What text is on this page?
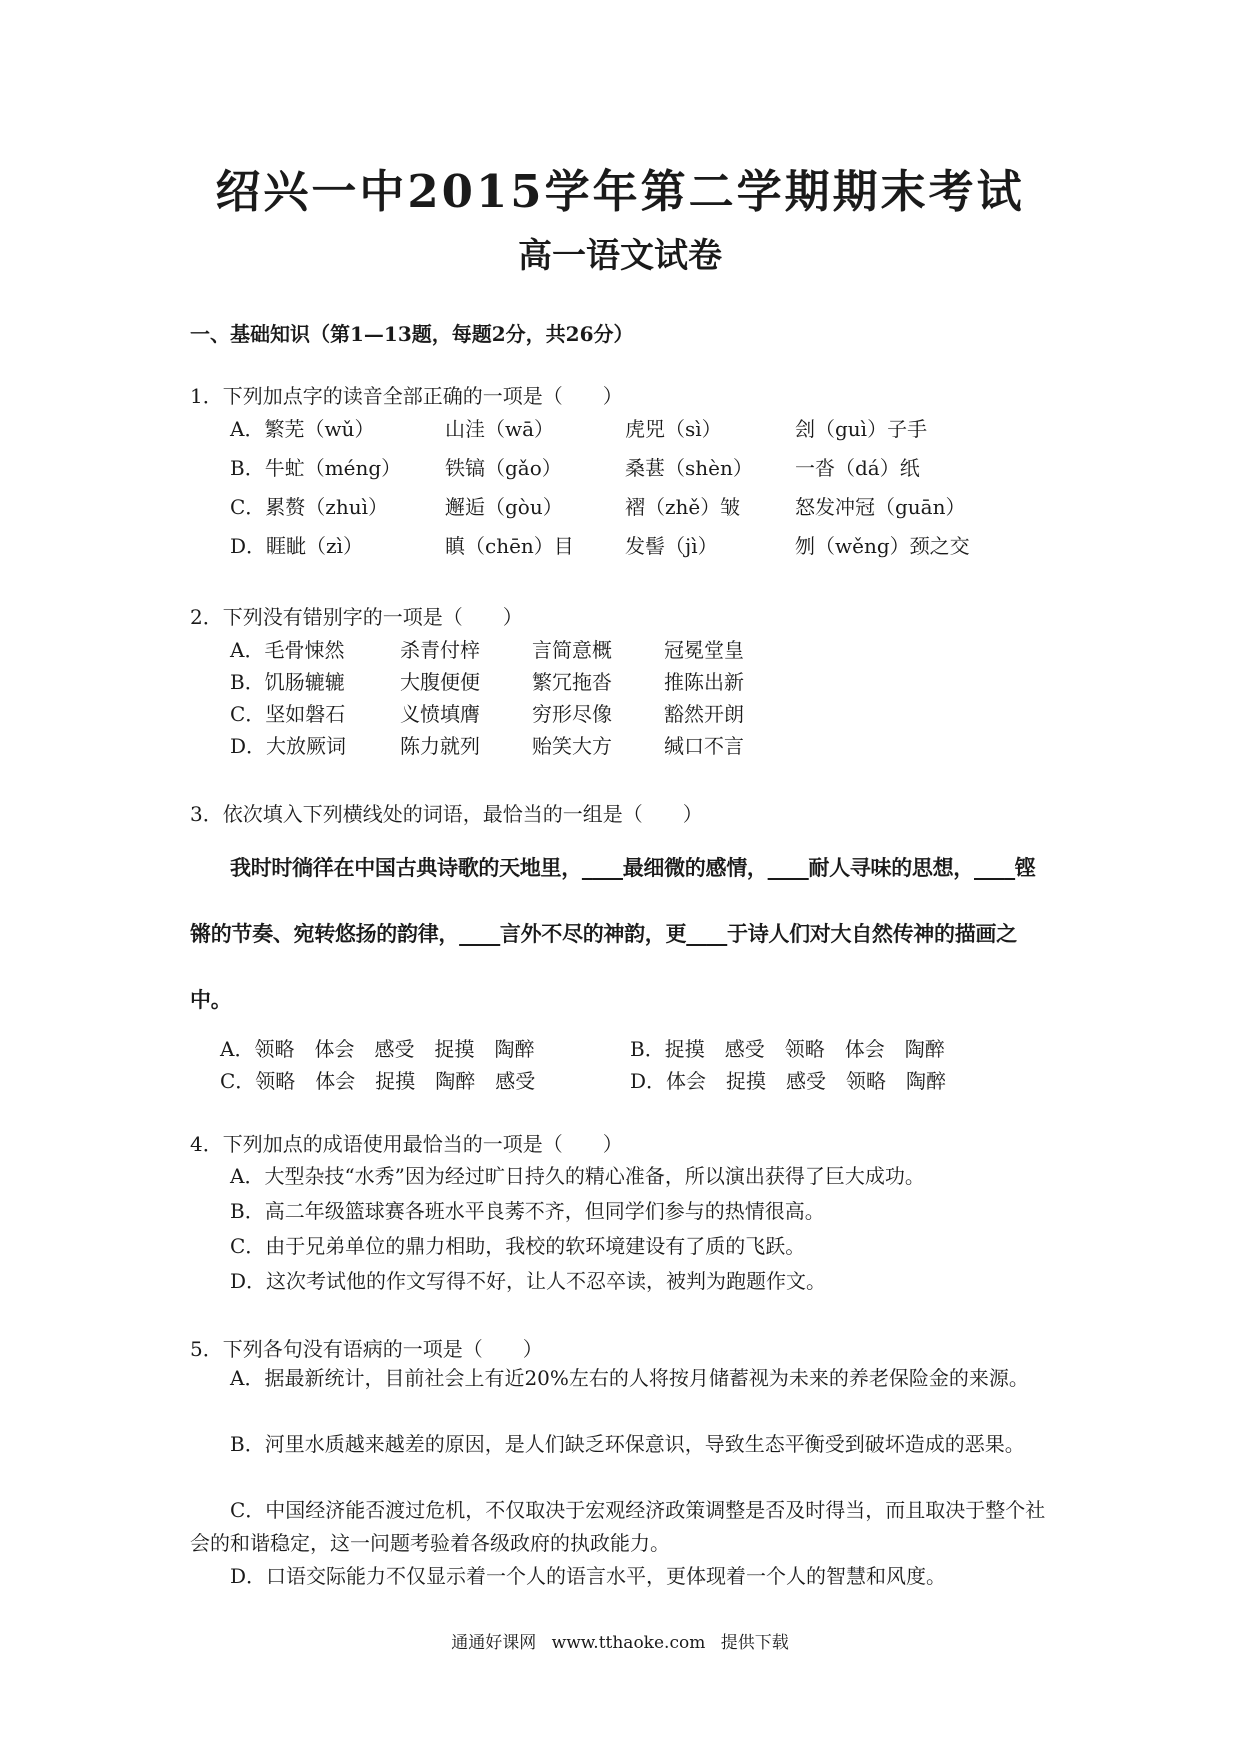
绍兴一中2015学年第二学期期末考试
高一语文试卷
一、基础知识（第1—13题，每题2分，共26分）
1．下列加点字的读音全部正确的一项是（　　）
A．繁芜（wǔ）	山洼（wā）	虎兕（sì）	刽（guì）子手
B．牛虻（méng） 铁镐（gǎo）	桑葚（shèn） 一沓（dá）纸
C．累赘（zhuì）	邂逅（gòu）	褶（zhě）皱	怒发冲冠（guān）
D．睚眦（zì）	瞋（chēn）目	发髻（jì）	刎（wěng）颈之交
2．下列没有错别字的一项是（　　）
A．毛骨悚然	杀青付梓	言简意概	冠冕堂皇
B．饥肠辘辘	大腹便便	繁冗拖沓	推陈出新
C．坚如磐石	义愤填膺	穷形尽像	豁然开朗
D．大放厥词	陈力就列	贻笑大方	缄口不言
3．依次填入下列横线处的词语，最恰当的一组是（　　）
我时时徜徉在中国古典诗歌的天地里，____最细微的感情，____耐人寻味的思想，____铿
锵的节奏、宛转悠扬的韵律，____言外不尽的神韵，更____于诗人们对大自然传神的描画之
中。
A．领略　体会　感受　捉摸　陶醉	B．捉摸　感受　领略　体会　陶醉
C．领略　体会　捉摸　陶醉　感受	D．体会　捉摸　感受　领略　陶醉
4．下列加点的成语使用最恰当的一项是（　　）
A．大型杂技“水秀”因为经过旷日持久的精心准备，所以演出获得了巨大成功。
B．高二年级篮球赛各班水平良莠不齐，但同学们参与的热情很高。
C．由于兄弟单位的鼎力相助，我校的软环境建设有了质的飞跃。
D．这次考试他的作文写得不好，让人不忍卒读，被判为跑题作文。
5．下列各句没有语病的一项是（　　）
A．据最新统计，目前社会上有近20%左右的人将按月储蓄视为未来的养老保险金的来源。
B．河里水质越来越差的原因，是人们缺乏环保意识，导致生态平衡受到破坏造成的恶果。
C．中国经济能否渡过危机，不仅取决于宏观经济政策调整是否及时得当，而且取决于整个社会的和谐稳定，这一问题考验着各级政府的执政能力。
D．口语交际能力不仅显示着一个人的语言水平，更体现着一个人的智慧和风度。
通通好课网 www.tthaoke.com 提供下载
